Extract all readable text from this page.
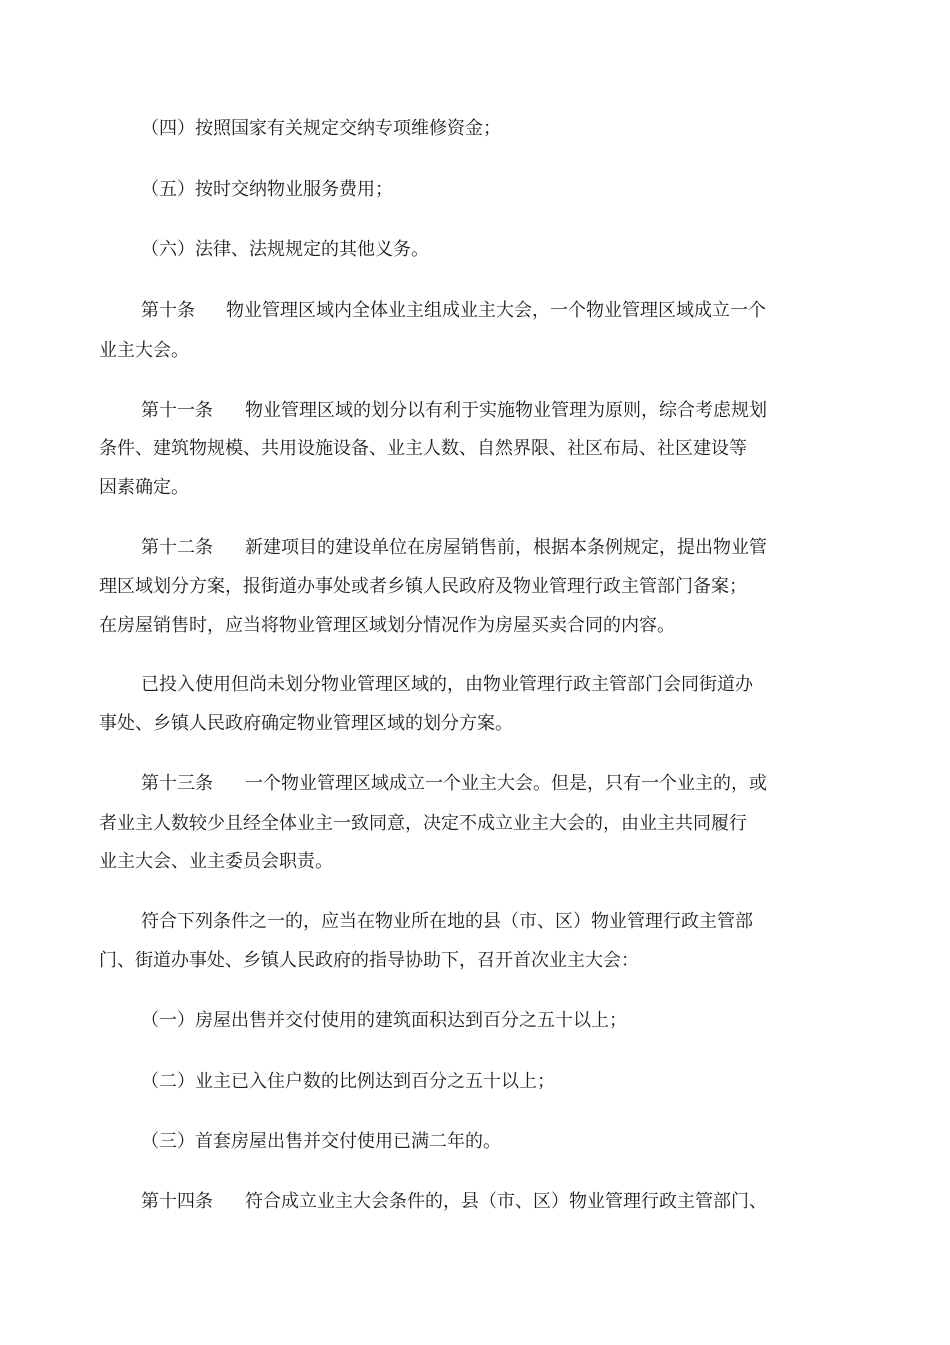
（四）按照国家有关规定交纳专项维修资金；
（五）按时交纳物业服务费用；
（六）法律、法规规定的其他义务。
第十条 物业管理区域内全体业主组成业主大会，一个物业管理区域成立一个
业主大会。
第十一条 物业管理区域的划分以有利于实施物业管理为原则，综合考虑规划
条件、建筑物规模、共用设施设备、业主人数、自然界限、社区布局、社区建设等
因素确定。
第十二条 新建项目的建设单位在房屋销售前，根据本条例规定，提出物业管
理区域划分方案，报街道办事处或者乡镇人民政府及物业管理行政主管部门备案；
在房屋销售时，应当将物业管理区域划分情况作为房屋买卖合同的内容。
已投入使用但尚未划分物业管理区域的，由物业管理行政主管部门会同街道办
事处、乡镇人民政府确定物业管理区域的划分方案。
第十三条 一个物业管理区域成立一个业主大会。但是，只有一个业主的，或
者业主人数较少且经全体业主一致同意，决定不成立业主大会的，由业主共同履行
业主大会、业主委员会职责。
符合下列条件之一的，应当在物业所在地的县（市、区）物业管理行政主管部
门、街道办事处、乡镇人民政府的指导协助下，召开首次业主大会：
（一）房屋出售并交付使用的建筑面积达到百分之五十以上；
（二）业主已入住户数的比例达到百分之五十以上；
（三）首套房屋出售并交付使用已满二年的。
第十四条 符合成立业主大会条件的，县（市、区）物业管理行政主管部门、
